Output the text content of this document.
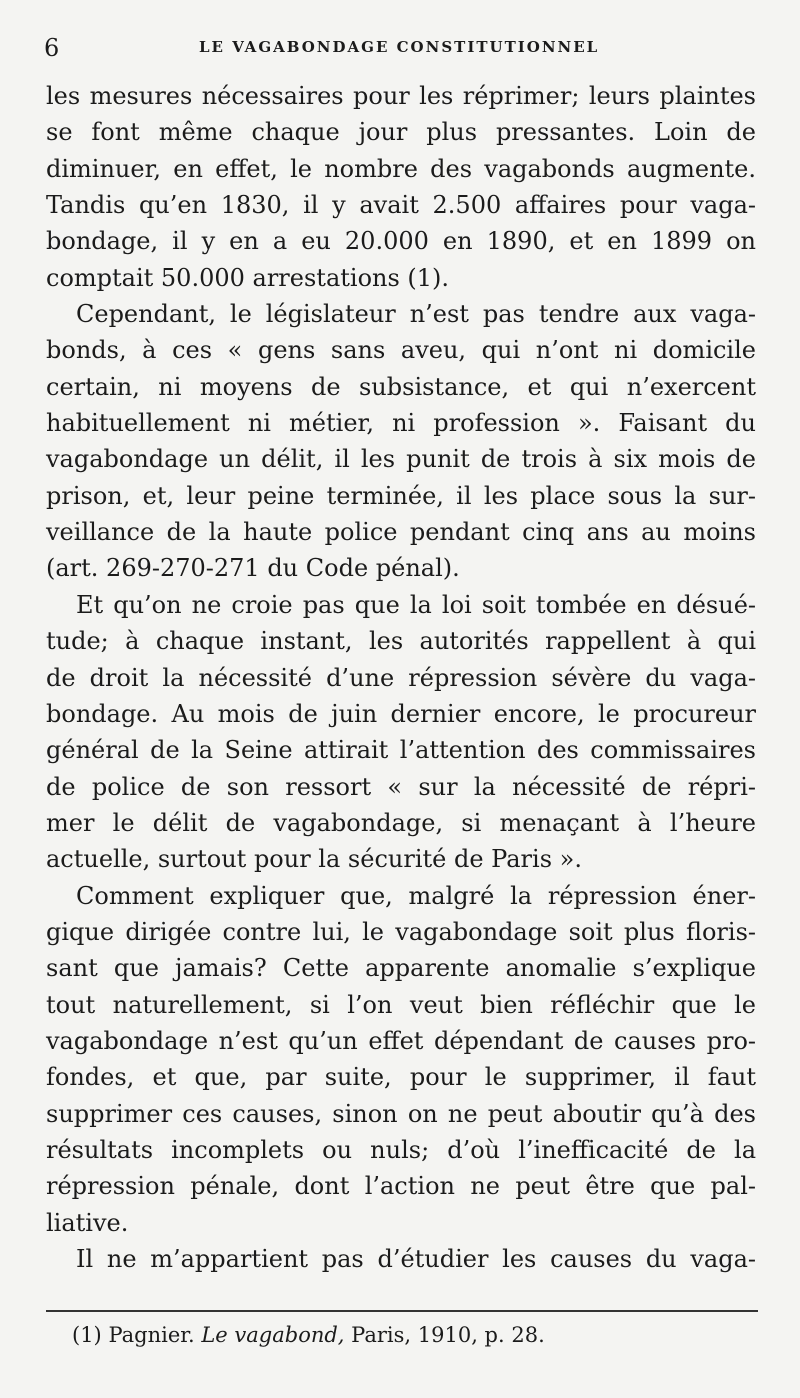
6	LE VAGABONDAGE CONSTITUTIONNEL
les mesures nécessaires pour les réprimer; leurs plaintes
se font même chaque jour plus pressantes. Loin de
diminuer, en effet, le nombre des vagabonds augmente.
Tandis qu’en 1830, il y avait 2.500 affaires pour vaga-
bondage, il y en a eu 20.000 en 1890, et en 1899 on
comptait 50.000 arrestations (1).
Cependant, le législateur n’est pas tendre aux vaga-
bonds, à ces « gens sans aveu, qui n’ont ni domicile
certain, ni moyens de subsistance, et qui n’exercent
habituellement ni métier, ni profession ». Faisant du
vagabondage un délit, il les punit de trois à six mois de
prison, et, leur peine terminée, il les place sous la sur-
veillance de la haute police pendant cinq ans au moins
(art. 269-270-271 du Code pénal).
Et qu’on ne croie pas que la loi soit tombée en désué-
tude; à chaque instant, les autorités rappellent à qui
de droit la nécessité d’une répression sévère du vaga-
bondage. Au mois de juin dernier encore, le procureur
général de la Seine attirait l’attention des commissaires
de police de son ressort « sur la nécessité de répri-
mer le délit de vagabondage, si menaçant à l’heure
actuelle, surtout pour la sécurité de Paris ».
Comment expliquer que, malgré la répression éner-
gique dirigée contre lui, le vagabondage soit plus floris-
sant que jamais? Cette apparente anomalie s’explique
tout naturellement, si l’on veut bien réfléchir que le
vagabondage n’est qu’un effet dépendant de causes pro-
fondes, et que, par suite, pour le supprimer, il faut
supprimer ces causes, sinon on ne peut aboutir qu’à des
résultats incomplets ou nuls; d’où l’inefficacité de la
répression pénale, dont l’action ne peut être que pal-
liative.
Il ne m’appartient pas d’étudier les causes du vaga-
(1) Pagnier. Le vagabond, Paris, 1910, p. 28.
